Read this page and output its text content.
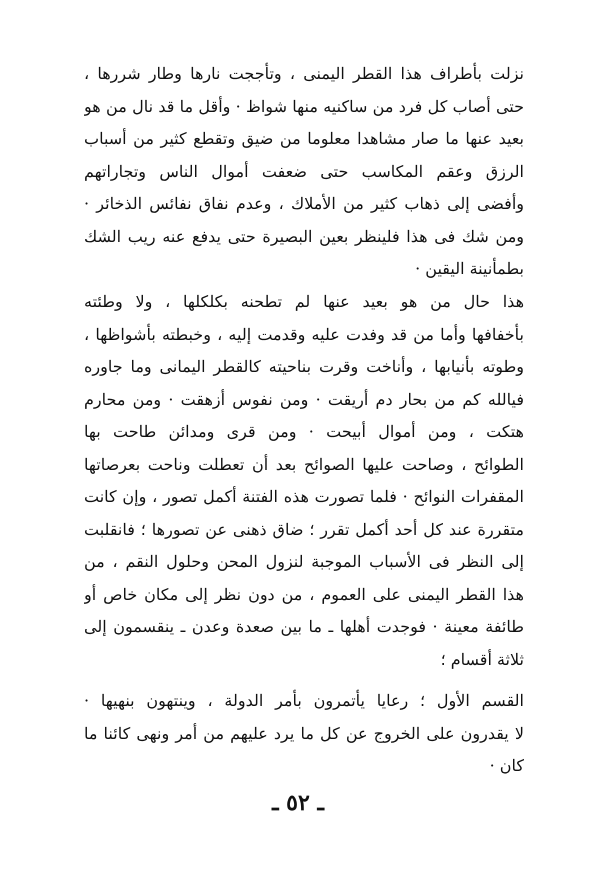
نزلت بأطراف هذا القطر اليمنى ، وتأججت نارها وطار شررها ،
حتى أصاب كل فرد من ساكنيه منها شواظ · وأقل ما قد نال من هو
بعيد عنها ما صار مشاهدا معلوما من ضيق وتقطع كثير من أسباب
الرزق وعقم المكاسب حتى ضعفت أموال الناس وتجاراتهم
وأفضى إلى ذهاب كثير من الأملاك ، وعدم نفاق نفائس الذخائر ·
ومن شك فى هذا فلينظر بعين البصيرة حتى يدفع عنه ريب الشك
بطمأنينة اليقين ·
هذا حال من هو بعيد عنها لم تطحنه بكلكلها ، ولا وطئته
بأخفافها وأما من قد وفدت عليه وقدمت إليه ، وخبطته بأشواظها ،
وطوته بأنيابها ، وأناخت وقرت بناحيته كالقطر اليمانى وما جاوره
فيالله كم من بحار دم أريقت · ومن نفوس أزهقت · ومن محارم
هتكت ، ومن أموال أبيحت · ومن قرى ومدائن طاحت بها
الطوائح ، وصاحت عليها الصوائح بعد أن تعطلت وناحت بعرصاتها
المقفرات النوائح · فلما تصورت هذه الفتنة أكمل تصور ، وإن كانت
متقررة عند كل أحد أكمل تقرر ؛ ضاق ذهنى عن تصورها ؛ فانقلبت
إلى النظر فى الأسباب الموجبة لنزول المحن وحلول النقم ، من
هذا القطر اليمنى على العموم ، من دون نظر إلى مكان خاص أو
طائفة معينة · فوجدت أهلها ـ ما بين صعدة وعدن ـ ينقسمون إلى
ثلاثة أقسام ؛
القسم الأول ؛ رعايا يأتمرون بأمر الدولة ، وينتهون بنهيها ·
لا يقدرون على الخروج عن كل ما يرد عليهم من أمر ونهى كائنا ما
كان ·
ـ ٥٢ ـ
